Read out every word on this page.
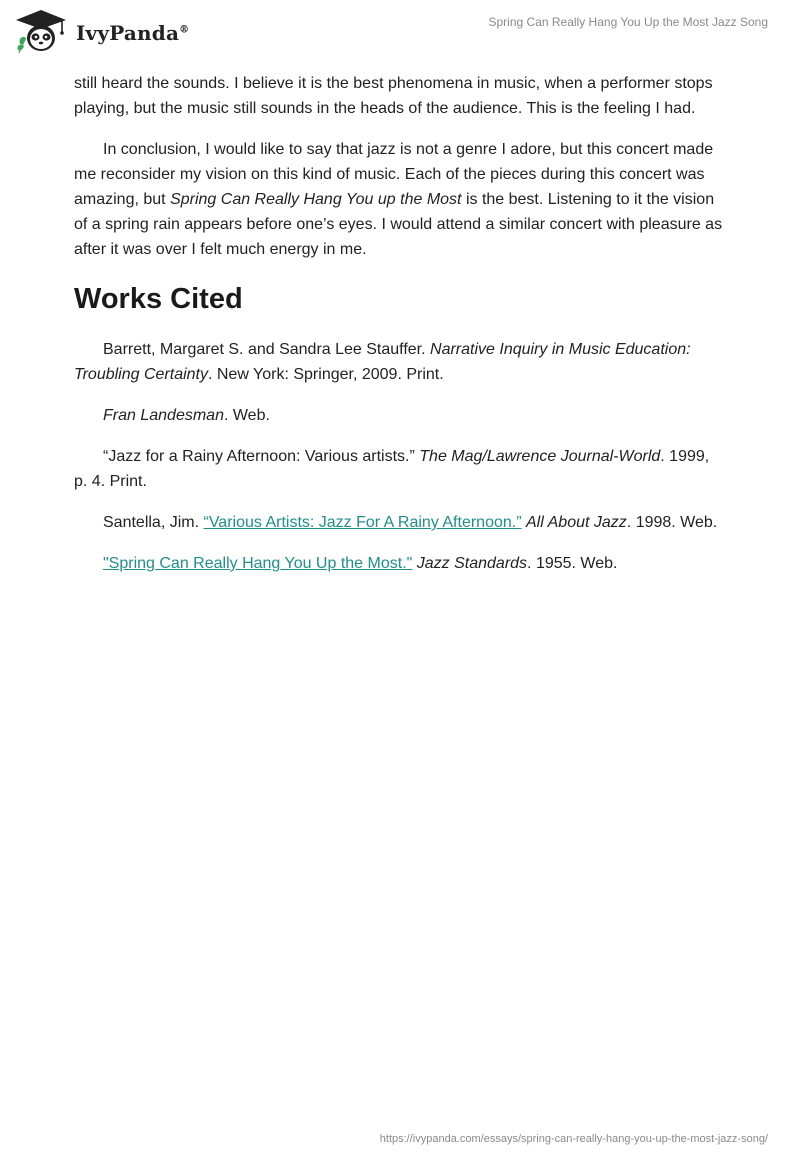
IvyPanda®
Spring Can Really Hang You Up the Most Jazz Song

still heard the sounds. I believe it is the best phenomena in music, when a performer stops playing, but the music still sounds in the heads of the audience. This is the feeling I had.

In conclusion, I would like to say that jazz is not a genre I adore, but this concert made me reconsider my vision on this kind of music. Each of the pieces during this concert was amazing, but Spring Can Really Hang You up the Most is the best. Listening to it the vision of a spring rain appears before one’s eyes. I would attend a similar concert with pleasure as after it was over I felt much energy in me.

Works Cited

Barrett, Margaret S. and Sandra Lee Stauffer. Narrative Inquiry in Music Education: Troubling Certainty. New York: Springer, 2009. Print.

Fran Landesman. Web.

“Jazz for a Rainy Afternoon: Various artists.” The Mag/Lawrence Journal-World. 1999, p. 4. Print.

Santella, Jim. “Various Artists: Jazz For A Rainy Afternoon.” All About Jazz. 1998. Web.

"Spring Can Really Hang You Up the Most." Jazz Standards. 1955. Web.

https://ivypanda.com/essays/spring-can-really-hang-you-up-the-most-jazz-song/
